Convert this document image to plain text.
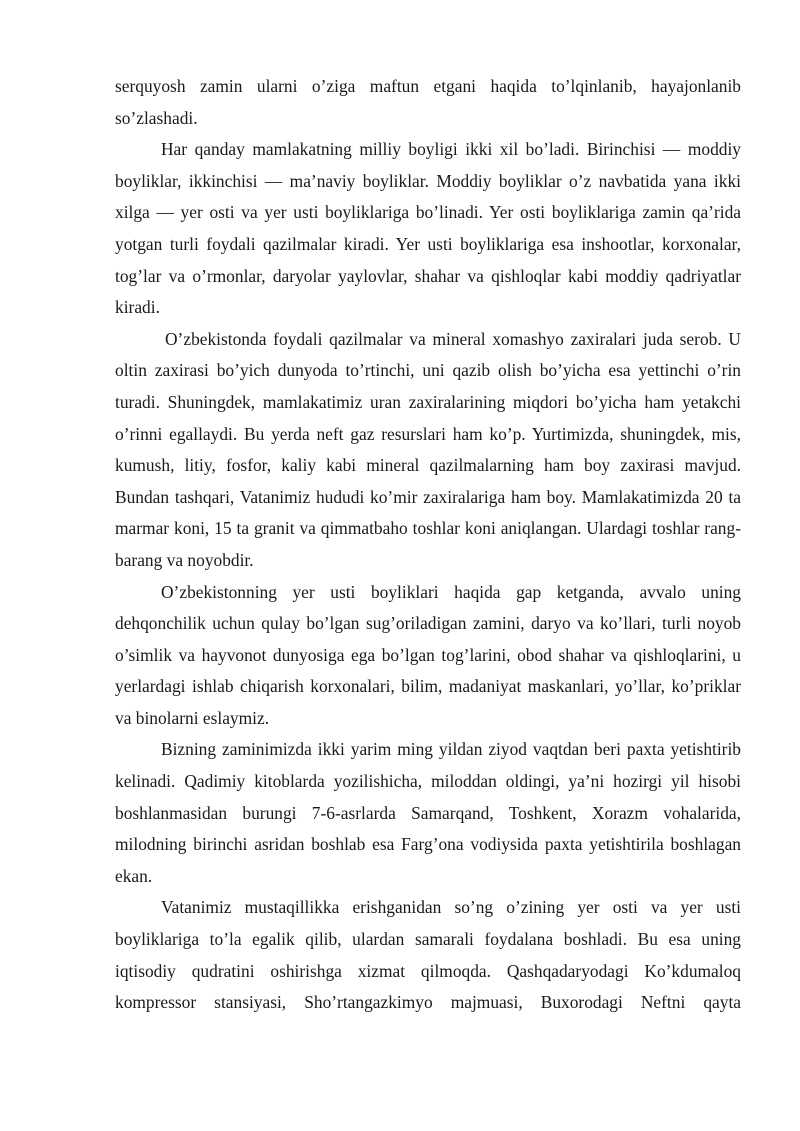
serquyosh zamin ularni o’ziga maftun etgani haqida to’lqinlanib, hayajonlanib so’zlashadi.

Har qanday mamlakatning milliy boyligi ikki xil bo’ladi. Birinchisi — moddiy boyliklar, ikkinchisi — ma’naviy boyliklar. Moddiy boyliklar o’z navbatida yana ikki xilga — yer osti va yer usti boyliklariga bo’linadi. Yer osti boyliklariga zamin qa’rida yotgan turli foydali qazilmalar kiradi. Yer usti boyliklariga esa inshootlar, korxonalar, tog’lar va o’rmonlar, daryolar yaylovlar, shahar va qishloqlar kabi moddiy qadriyatlar kiradi.

O’zbekistonda foydali qazilmalar va mineral xomashyo zaxiralari juda serob. U oltin zaxirasi bo’yich dunyoda to’rtinchi, uni qazib olish bo’yicha esa yettinchi o’rin turadi. Shuningdek, mamlakatimiz uran zaxiralarining miqdori bo’yicha ham yetakchi o’rinni egallaydi. Bu yerda neft gaz resurslari ham ko’p. Yurtimizda, shuningdek, mis, kumush, litiy, fosfor, kaliy kabi mineral qazilmalarning ham boy zaxirasi mavjud. Bundan tashqari, Vatanimiz hududi ko’mir zaxiralariga ham boy. Mamlakatimizda 20 ta marmar koni, 15 ta granit va qimmatbaho toshlar koni aniqlangan. Ulardagi toshlar rang-barang va noyobdir.

O’zbekistonning yer usti boyliklari haqida gap ketganda, avvalo uning dehqonchilik uchun qulay bo’lgan sug’oriladigan zamini, daryo va ko’llari, turli noyob o’simlik va hayvonot dunyosiga ega bo’lgan tog’larini, obod shahar va qishloqlarini, u yerlardagi ishlab chiqarish korxonalari, bilim, madaniyat maskanlari, yo’llar, ko’priklar va binolarni eslaymiz.

Bizning zaminimizda ikki yarim ming yildan ziyod vaqtdan beri paxta yetishtirib kelinadi. Qadimiy kitoblarda yozilishicha, miloddan oldingi, ya’ni hozirgi yil hisobi boshlanmasidan burungi 7-6-asrlarda Samarqand, Toshkent, Xorazm vohalarida, milodning birinchi asridan boshlab esa Farg’ona vodiysida paxta yetishtirila boshlagan ekan.

Vatanimiz mustaqillikka erishganidan so’ng o’zining yer osti va yer usti boyliklariga to’la egalik qilib, ulardan samarali foydalana boshladi. Bu esa uning iqtisodiy qudratini oshirishga xizmat qilmoqda. Qashqadaryodagi Ko’kdumaloq kompressor stansiyasi, Sho’rtangazkimyo majmuasi, Buxorodagi Neftni qayta
